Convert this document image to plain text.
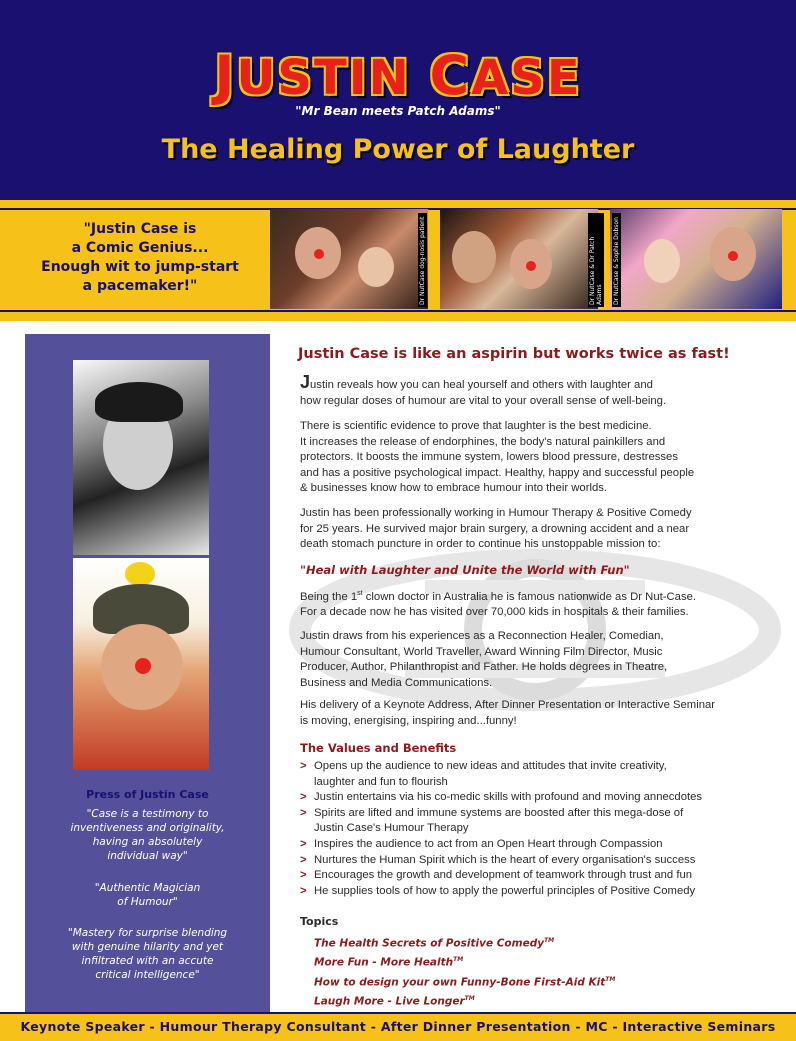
JUSTIN CASE
"Mr Bean meets Patch Adams"
The Healing Power of Laughter
"Justin Case is
a Comic Genius...
Enough wit to jump-start
a pacemaker!"	Dr NutCase dog-nosis patient	Dr NutCase & Dr Patch Adams Dr NutCase & Sophie Dobson
Press of Justin Case
"Case is a testimony to
inventiveness and originality,
having an absolutely
individual way"
"Authentic Magician
of Humour"
"Mastery for surprise blending
with genuine hilarity and yet
infiltrated with an accute
critical intelligence"
Justin Case is like an aspirin but works twice as fast!

Justin reveals how you can heal yourself and others with laughter and
how regular doses of humour are vital to your overall sense of well-being.

There is scientific evidence to prove that laughter is the best medicine.
It increases the release of endorphines, the body's natural painkillers and
protectors. It boosts the immune system, lowers blood pressure, destresses
and has a positive psychological impact. Healthy, happy and successful people
& businesses know how to embrace humour into their worlds.

Justin has been professionally working in Humour Therapy & Positive Comedy
for 25 years. He survived major brain surgery, a drowning accident and a near
death stomach puncture in order to continue his unstoppable mission to:

"Heal with Laughter and Unite the World with Fun"

Being the 1st clown doctor in Australia he is famous nationwide as Dr Nut-Case.
For a decade now he has visited over 70,000 kids in hospitals & their families.

Justin draws from his experiences as a Reconnection Healer, Comedian,
Humour Consultant, World Traveller, Award Winning Film Director, Music
Producer, Author, Philanthropist and Father. He holds degrees in Theatre,
Business and Media Communications.

His delivery of a Keynote Address, After Dinner Presentation or Interactive Seminar
is moving, energising, inspiring and...funny!

The Values and Benefits
> Opens up the audience to new ideas and attitudes that invite creativity,
laughter and fun to flourish
> Justin entertains via his co-medic skills with profound and moving annecdotes
> Spirits are lifted and immune systems are boosted after this mega-dose of
Justin Case's Humour Therapy
> Inspires the audience to act from an Open Heart through Compassion
> Nurtures the Human Spirit which is the heart of every organisation's success
> Encourages the growth and development of teamwork through trust and fun
> He supplies tools of how to apply the powerful principles of Positive Comedy
Topics
The Health Secrets of Positive Comedy™
More Fun - More Health™
How to design your own Funny-Bone First-Aid Kit™
Laugh More - Live Longer™
Keynote Speaker - Humour Therapy Consultant - After Dinner Presentation - MC - Interactive Seminars
